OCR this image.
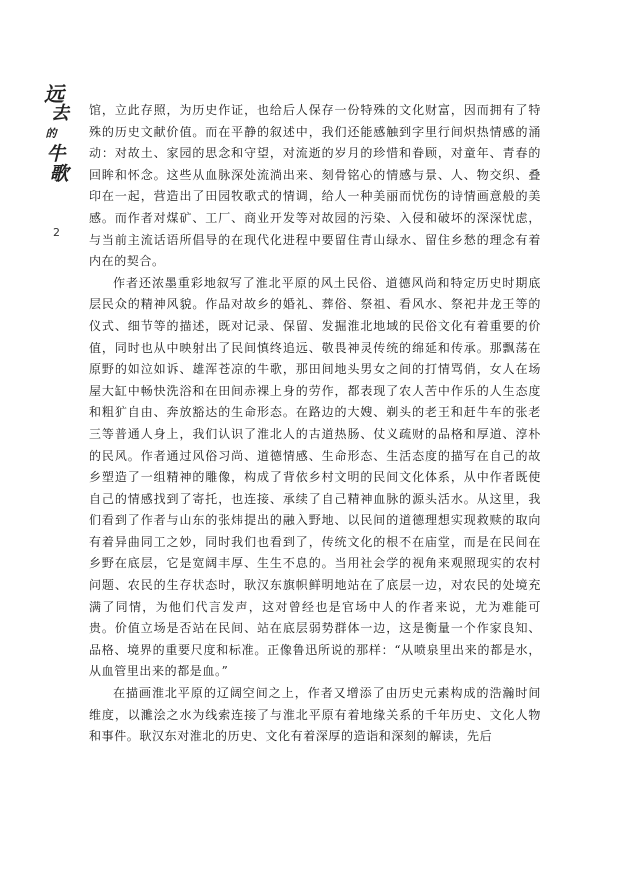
远
去
的
牛
歌
2

馆，立此存照，为历史作证，也给后人保存一份特殊的文化财富，因而拥有了特殊的历史文献价值。而在平静的叙述中，我们还能感触到字里行间炽热情感的涌动：对故土、家园的思念和守望，对流逝的岁月的珍惜和眷顾，对童年、青春的回眸和怀念。这些从血脉深处流淌出来、刻骨铭心的情感与景、人、物交织、叠印在一起，营造出了田园牧歌式的情调，给人一种美丽而忧伤的诗情画意般的美感。而作者对煤矿、工厂、商业开发等对故园的污染、入侵和破坏的深深忧虑，与当前主流话语所倡导的在现代化进程中要留住青山绿水、留住乡愁的理念有着内在的契合。

作者还浓墨重彩地叙写了淮北平原的风土民俗、道德风尚和特定历史时期底层民众的精神风貌。作品对故乡的婚礼、葬俗、祭祖、看风水、祭祀井龙王等的仪式、细节等的描述，既对记录、保留、发掘淮北地域的民俗文化有着重要的价值，同时也从中映射出了民间慎终追远、敬畏神灵传统的绵延和传承。那飘荡在原野的如泣如诉、雄浑苍凉的牛歌，那田间地头男女之间的打情骂俏，女人在场屋大缸中畅快洗浴和在田间赤裸上身的劳作，都表现了农人苦中作乐的人生态度和粗犷自由、奔放豁达的生命形态。在路边的大嫂、剃头的老王和赶牛车的张老三等普通人身上，我们认识了淮北人的古道热肠、仗义疏财的品格和厚道、淳朴的民风。作者通过风俗习尚、道德情感、生命形态、生活态度的描写在自己的故乡塑造了一组精神的雕像，构成了背依乡村文明的民间文化体系，从中作者既使自己的情感找到了寄托，也连接、承续了自己精神血脉的源头活水。从这里，我们看到了作者与山东的张炜提出的融入野地、以民间的道德理想实现救赎的取向有着异曲同工之妙，同时我们也看到了，传统文化的根不在庙堂，而是在民间在乡野在底层，它是宽阔丰厚、生生不息的。当用社会学的视角来观照现实的农村问题、农民的生存状态时，耿汉东旗帜鲜明地站在了底层一边，对农民的处境充满了同情，为他们代言发声，这对曾经也是官场中人的作者来说，尤为难能可贵。价值立场是否站在民间、站在底层弱势群体一边，这是衡量一个作家良知、品格、境界的重要尺度和标准。正像鲁迅所说的那样：“从喷泉里出来的都是水，从血管里出来的都是血。”

在描画淮北平原的辽阔空间之上，作者又增添了由历史元素构成的浩瀚时间维度，以濉浍之水为线索连接了与淮北平原有着地缘关系的千年历史、文化人物和事件。耿汉东对淮北的历史、文化有着深厚的造诣和深刻的解读，先后
